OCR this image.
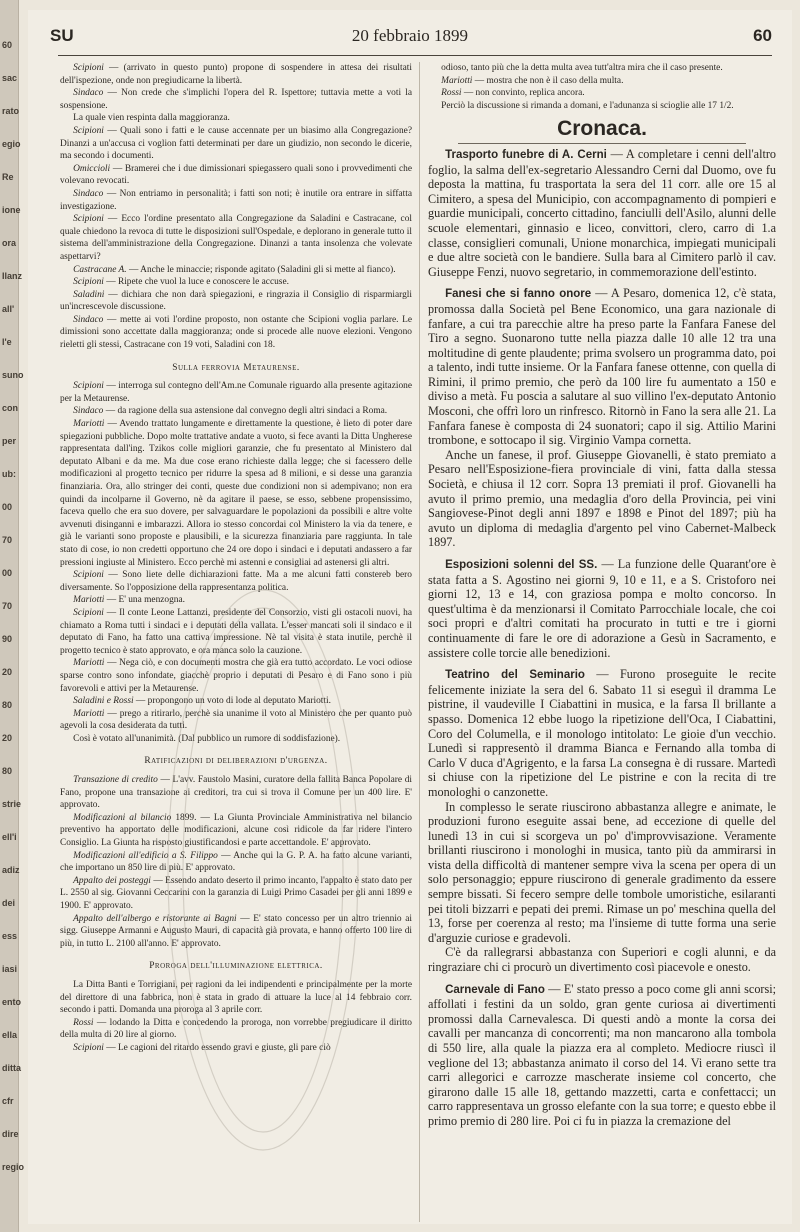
60
sac
rato
egio
Re
ione
ora
Ilanz
all'
l'e
suno
con
per
ub:
00
70
00
70
90
20
80
20
80
strie
ell'i
adiz
dei
ess
iasi
ento
ella
ditta
cfr
dire
regio
SU	20 febbraio 1899	60

Scipioni — (arrivato in questo punto) propone di sospendere in attesa dei risultati dell'ispezione, onde non pregiudicarne la libertà.

Sindaco — Non crede che s'implichi l'opera del R. Ispettore; tuttavia mette a voti la sospensione.

La quale vien respinta dalla maggioranza.

Scipioni — Quali sono i fatti e le cause accennate per un biasimo alla Congregazione? Dinanzi a un'accusa ci voglion fatti determinati per dare un giudizio, non secondo le dicerie, ma secondo i documenti.

Omiccioli — Bramerei che i due dimissionari spiegassero quali sono i provvedimenti che volevano revocati.

Sindaco — Non entriamo in personalità; i fatti son noti; è inutile ora entrare in siffatta investigazione.

Scipioni — Ecco l'ordine presentato alla Congregazione da Saladini e Castracane, col quale chiedono la revoca di tutte le disposizioni sull'Ospedale, e deplorano in generale tutto il sistema dell'amministrazione della Congregazione. Dinanzi a tanta insolenza che volevate aspettarvi?

Castracane A. — Anche le minaccie; risponde agitato (Saladini gli si mette al fianco).

Scipioni — Ripete che vuol la luce e conoscere le accuse.

Saladini — dichiara che non darà spiegazioni, e ringrazia il Consiglio di risparmiargli un'increscevole discussione.

Sindaco — mette ai voti l'ordine proposto, non ostante che Scipioni voglia parlare. Le dimissioni sono accettate dalla maggioranza; onde si procede alle nuove elezioni. Vengono rieletti gli stessi, Castracane con 19 voti, Saladini con 18.

Sulla ferrovia Metaurense.

Scipioni — interroga sul contegno dell'Am.ne Comunale riguardo alla presente agitazione per la Metaurense.

Sindaco — da ragione della sua astensione dal convegno degli altri sindaci a Roma.

Mariotti — Avendo trattato lungamente e direttamente la questione, è lieto di poter dare spiegazioni pubbliche. Dopo molte trattative andate a vuoto, si fece avanti la Ditta Ungherese rappresentata dall'ing. Tzikos colle migliori garanzie, che fu presentato al Ministero dal deputato Albani e da me. Ma due cose erano richieste dalla legge; che si facessero delle modificazioni al progetto tecnico per ridurre la spesa ad 8 milioni, e si desse una garanzia finanziaria. Ora, allo stringer dei conti, queste due condizioni non si adempivano; non era quindi da incolparne il Governo, nè da agitare il paese, se esso, sebbene propensissimo, faceva quello che era suo dovere, per salvaguardare le popolazioni da possibili e altre volte avvenuti disinganni e imbarazzi. Allora io stesso concordai col Ministero la via da tenere, e già le varianti sono proposte e plausibili, e la sicurezza finanziaria pare raggiunta. In tale stato di cose, io non credetti opportuno che 24 ore dopo i sindaci e i deputati andassero a far pressioni ingiuste al Ministero. Ecco perchè mi astenni e consigliai ad astenersi gli altri.

Scipioni — Sono liete delle dichiarazioni fatte. Ma a me alcuni fatti constereb bero diversamente. So l'opposizione della rappresentanza politica.

Mariotti — E' una menzogna.

Scipioni — Il conte Leone Lattanzi, presidente del Consorzio, visti gli ostacoli nuovi, ha chiamato a Roma tutti i sindaci e i deputati della vallata. L'esser mancati soli il sindaco e il deputato di Fano, ha fatto una cattiva impressione. Nè tal visita è stata inutile, perchè il progetto tecnico è stato approvato, e ora manca solo la cauzione.

Mariotti — Nega ciò, e con documenti mostra che già era tutto accordato. Le voci odiose sparse contro sono infondate, giacchè proprio i deputati di Pesaro e di Fano sono i più favorevoli e attivi per la Metaurense.

Saladini e Rossi — propongono un voto di lode al deputato Mariotti.

Mariotti — prego a ritirarlo, perchè sia unanime il voto al Ministero che per quanto può agevoli la cosa desiderata da tutti.

Così è votato all'unanimità. (Dal pubblico un rumore di soddisfazione).

Ratificazioni di deliberazioni d'urgenza.

Transazione di credito — L'avv. Faustolo Masini, curatore della fallita Banca Popolare di Fano, propone una transazione ai creditori, tra cui si trova il Comune per un 400 lire. E' approvato.

Modificazioni al bilancio 1899. — La Giunta Provinciale Amministrativa nel bilancio preventivo ha apportato delle modificazioni, alcune così ridicole da far ridere l'intero Consiglio. La Giunta ha risposto giustificandosi e parte accettandole. E' approvato.

Modificazioni all'edificio a S. Filippo — Anche qui la G. P. A. ha fatto alcune varianti, che importano un 850 lire di più. E' approvato.

Appalto dei posteggi — Essendo andato deserto il primo incanto, l'appalto è stato dato per L. 2550 al sig. Giovanni Ceccarini con la garanzia di Luigi Primo Casadei per gli anni 1899 e 1900. E' approvato.

Appalto dell'albergo e ristorante ai Bagni — E' stato concesso per un altro triennio ai sigg. Giuseppe Armanni e Augusto Mauri, di capacità già provata, e hanno offerto 100 lire di più, in tutto L. 2100 all'anno. E' approvato.

Proroga dell'illuminazione elettrica.

La Ditta Banti e Torrigiani, per ragioni da lei indipendenti e principalmente per la morte del direttore di una fabbrica, non è stata in grado di attuare la luce al 14 febbraio corr. secondo i patti. Domanda una proroga al 3 aprile corr.

Rossi — lodando la Ditta e concedendo la proroga, non vorrebbe pregiudicare il diritto della multa di 20 lire al giorno.

Scipioni — Le cagioni del ritardo essendo gravi e giuste, gli pare ciò

odioso, tanto più che la detta multa avea tutt'altra mira che il caso presente.

Mariotti — mostra che non è il caso della multa.

Rossi — non convinto, replica ancora.

Perciò la discussione si rimanda a domani, e l'adunanza si scioglie alle 17 1/2.

Cronaca.

Trasporto funebre di A. Cerni — A completare i cenni dell'altro foglio, la salma dell'ex-segretario Alessandro Cerni dal Duomo, ove fu deposta la mattina, fu trasportata la sera del 11 corr. alle ore 15 al Cimitero, a spesa del Municipio, con accompagnamento di pompieri e guardie municipali, concerto cittadino, fanciulli dell'Asilo, alunni delle scuole elementari, ginnasio e liceo, convittori, clero, carro di 1.a classe, consiglieri comunali, Unione monarchica, impiegati municipali e due altre società con le bandiere. Sulla bara al Cimitero parlò il cav. Giuseppe Fenzi, nuovo segretario, in commemorazione dell'estinto.

Fanesi che si fanno onore — A Pesaro, domenica 12, c'è stata, promossa dalla Società pel Bene Economico, una gara nazionale di fanfare, a cui tra parecchie altre ha preso parte la Fanfara Fanese del Tiro a segno. Suonarono tutte nella piazza dalle 10 alle 12 tra una moltitudine di gente plaudente; prima svolsero un programma dato, poi a talento, indi tutte insieme. Or la Fanfara fanese ottenne, con quella di Rimini, il primo premio, che però da 100 lire fu aumentato a 150 e diviso a metà. Fu poscia a salutare al suo villino l'ex-deputato Antonio Mosconi, che offrì loro un rinfresco. Ritornò in Fano la sera alle 21. La Fanfara fanese è composta di 24 suonatori; capo il sig. Attilio Marini trombone, e sottocapo il sig. Virginio Vampa cornetta.

Anche un fanese, il prof. Giuseppe Giovanelli, è stato premiato a Pesaro nell'Esposizione-fiera provinciale di vini, fatta dalla stessa Società, e chiusa il 12 corr. Sopra 13 premiati il prof. Giovanelli ha avuto il primo premio, una medaglia d'oro della Provincia, pei vini Sangiovese-Pinot degli anni 1897 e 1898 e Pinot del 1897; più ha avuto un diploma di medaglia d'argento pel vino Cabernet-Malbeck 1897.

Esposizioni solenni del SS. — La funzione delle Quarant'ore è stata fatta a S. Agostino nei giorni 9, 10 e 11, e a S. Cristoforo nei giorni 12, 13 e 14, con graziosa pompa e molto concorso. In quest'ultima è da menzionarsi il Comitato Parrocchiale locale, che coi soci propri e d'altri comitati ha procurato in tutti e tre i giorni continuamente di fare le ore di adorazione a Gesù in Sacramento, e assistere colle torcie alle benedizioni.

Teatrino del Seminario — Furono proseguite le recite felicemente iniziate la sera del 6. Sabato 11 si eseguì il dramma Le pistrine, il vaudeville I Ciabattini in musica, e la farsa Il brillante a spasso. Domenica 12 ebbe luogo la ripetizione dell'Oca, I Ciabattini, Coro del Columella, e il monologo intitolato: Le gioie d'un vecchio. Lunedì si rappresentò il dramma Bianca e Fernando alla tomba di Carlo V duca d'Agrigento, e la farsa La consegna è di russare. Martedì si chiuse con la ripetizione del Le pistrine e con la recita di tre monologhi o canzonette.

In complesso le serate riuscirono abbastanza allegre e animate, le produzioni furono eseguite assai bene, ad eccezione di quelle del lunedì 13 in cui si scorgeva un po' d'improvvisazione. Veramente brillanti riuscirono i monologhi in musica, tanto più da ammirarsi in vista della difficoltà di mantener sempre viva la scena per opera di un solo personaggio; eppure riuscirono di generale gradimento da essere sempre bissati. Si fecero sempre delle tombole umoristiche, esilaranti pei titoli bizzarri e pepati dei premi. Rimase un po' meschina quella del 13, forse per coerenza al resto; ma l'insieme di tutte forma una serie d'arguzie curiose e gradevoli.

C'è da rallegrarsi abbastanza con Superiori e cogli alunni, e da ringraziare chi ci procurò un divertimento così piacevole e onesto.

Carnevale di Fano — E' stato presso a poco come gli anni scorsi; affollati i festini da un soldo, gran gente curiosa ai divertimenti promossi dalla Carnevalesca. Di questi andò a monte la corsa dei cavalli per mancanza di concorrenti; ma non mancarono alla tombola di 550 lire, alla quale la piazza era al completo. Mediocre riuscì il veglione del 13; abbastanza animato il corso del 14. Vi erano sette tra carri allegorici e carrozze mascherate insieme col concerto, che girarono dalle 15 alle 18, gettando mazzetti, carta e confettacci; un carro rappresentava un grosso elefante con la sua torre; e questo ebbe il primo premio di 280 lire. Poi ci fu in piazza la cremazione del
